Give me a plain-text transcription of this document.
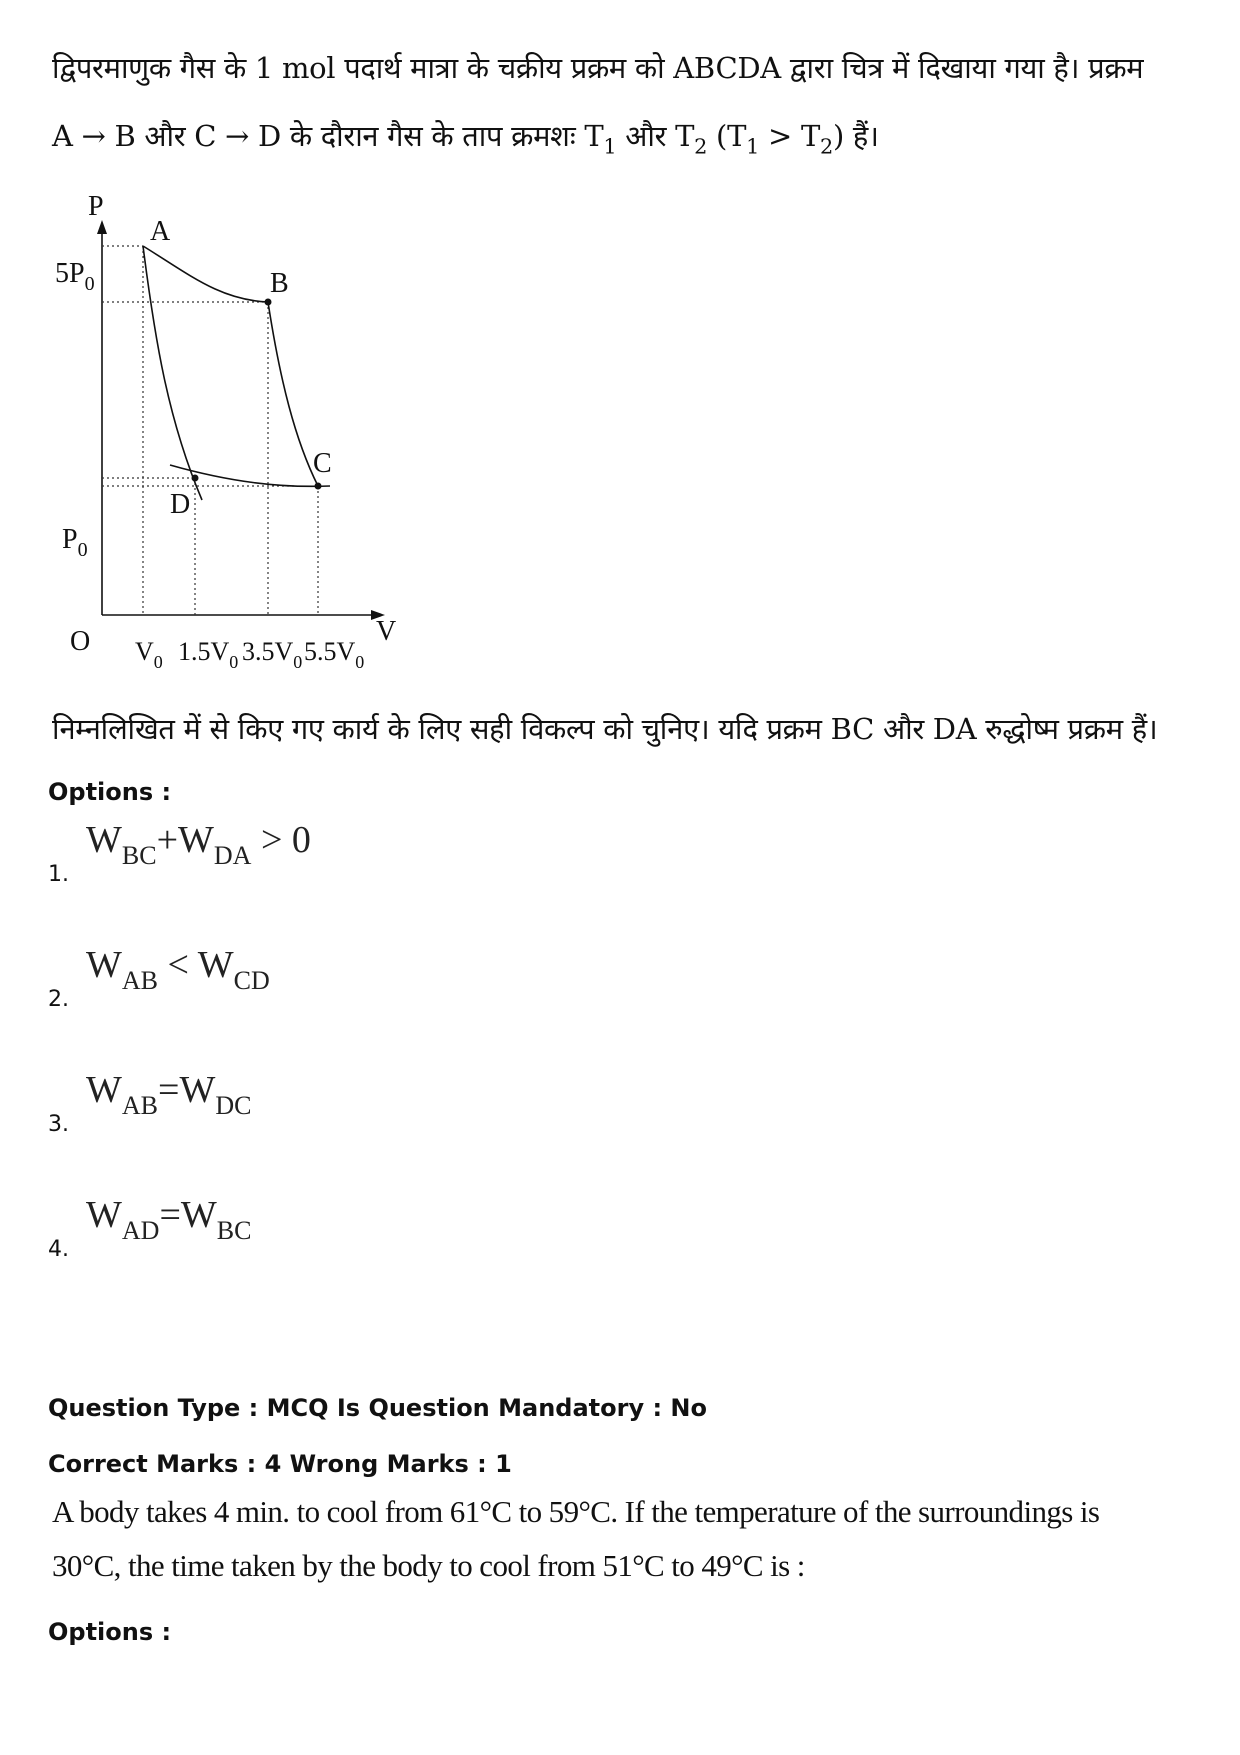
द्विपरमाणुक गैस के 1 mol पदार्थ मात्रा के चक्रीय प्रक्रम को ABCDA द्वारा चित्र में दिखाया गया है। प्रक्रम
A → B और C → D के दौरान गैस के ताप क्रमशः $T_1$ और $T_2$ $(T_1 > T_2)$ हैं।
P
V
O
$5P_0$
$P_0$
$V_0$ $1.5V_0$ $3.5V_0$ $5.5V_0$
A
B
C
D
निम्नलिखित में से किए गए कार्य के लिए सही विकल्प को चुनिए। यदि प्रक्रम BC और DA रुद्धोष्म प्रक्रम हैं।
Options :
1.
$W_{BC}+W_{DA} > 0$
2.
$W_{AB} < W_{CD}$
3.
$W_{AB}=W_{DC}$
4.
$W_{AD}=W_{BC}$
Question Type : MCQ Is Question Mandatory : No
Correct Marks : 4 Wrong Marks : 1
A body takes 4 min. to cool from 61°C to 59°C. If the temperature of the surroundings is
30°C, the time taken by the body to cool from 51°C to 49°C is :
Options :
